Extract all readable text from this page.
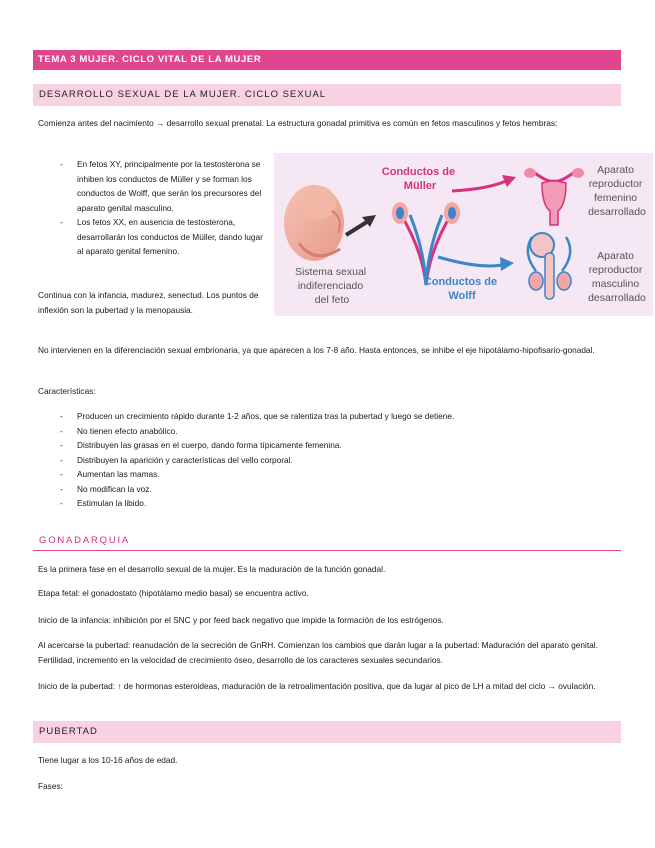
TEMA 3 MUJER. CICLO VITAL DE LA MUJER
DESARROLLO SEXUAL DE LA MUJER. CICLO SEXUAL
Comienza antes del nacimiento → desarrollo sexual prenatal. La estructura gonadal primitiva es común en fetos masculinos y fetos hembras:
- En fetos XY, principalmente por la testosterona se inhiben los conductos de Müller y se forman los conductos de Wolff, que serán los precursores del aparato genital masculino.
- Los fetos XX, en ausencia de testosterona, desarrollarán los conductos de Müller, dando lugar al aparato genital femenino.
Continua con la infancia, madurez, senectud. Los puntos de inflexión son la pubertad y la menopausia.
Conductos de Müller
Conductos de Wolff
Sistema sexual indiferenciado del feto
Aparato reproductor femenino desarrollado
Aparato reproductor masculino desarrollado
No intervienen en la diferenciación sexual embrionaria, ya que aparecen a los 7-8 año. Hasta entonces, se inhibe el eje hipotálamo-hipofisario-gonadal.
Características:
- Producen un crecimiento rápido durante 1-2 años, que se ralentiza tras la pubertad y luego se detiene.
- No tienen efecto anabólico.
- Distribuyen las grasas en el cuerpo, dando forma típicamente femenina.
- Distribuyen la aparición y características del vello corporal.
- Aumentan las mamas.
- No modifican la voz.
- Estimulan la libido.
GONADARQUIA
Es la primera fase en el desarrollo sexual de la mujer. Es la maduración de la función gonadal.
Etapa fetal: el gonadostato (hipotálamo medio basal) se encuentra activo.
Inicio de la infancia: inhibición por el SNC y por feed back negativo que impide la formación de los estrógenos.
Al acercarse la pubertad: reanudación de la secreción de GnRH. Comienzan los cambios que darán lugar a la pubertad: Maduración del aparato genital. Fertilidad, incremento en la velocidad de crecimiento óseo, desarrollo de los caracteres sexuales secundarios.
Inicio de la pubertad: ↑ de hormonas esteroideas, maduración de la retroalimentación positiva, que da lugar al pico de LH a mitad del ciclo → ovulación.
PUBERTAD
Tiene lugar a los 10-16 años de edad.
Fases:
